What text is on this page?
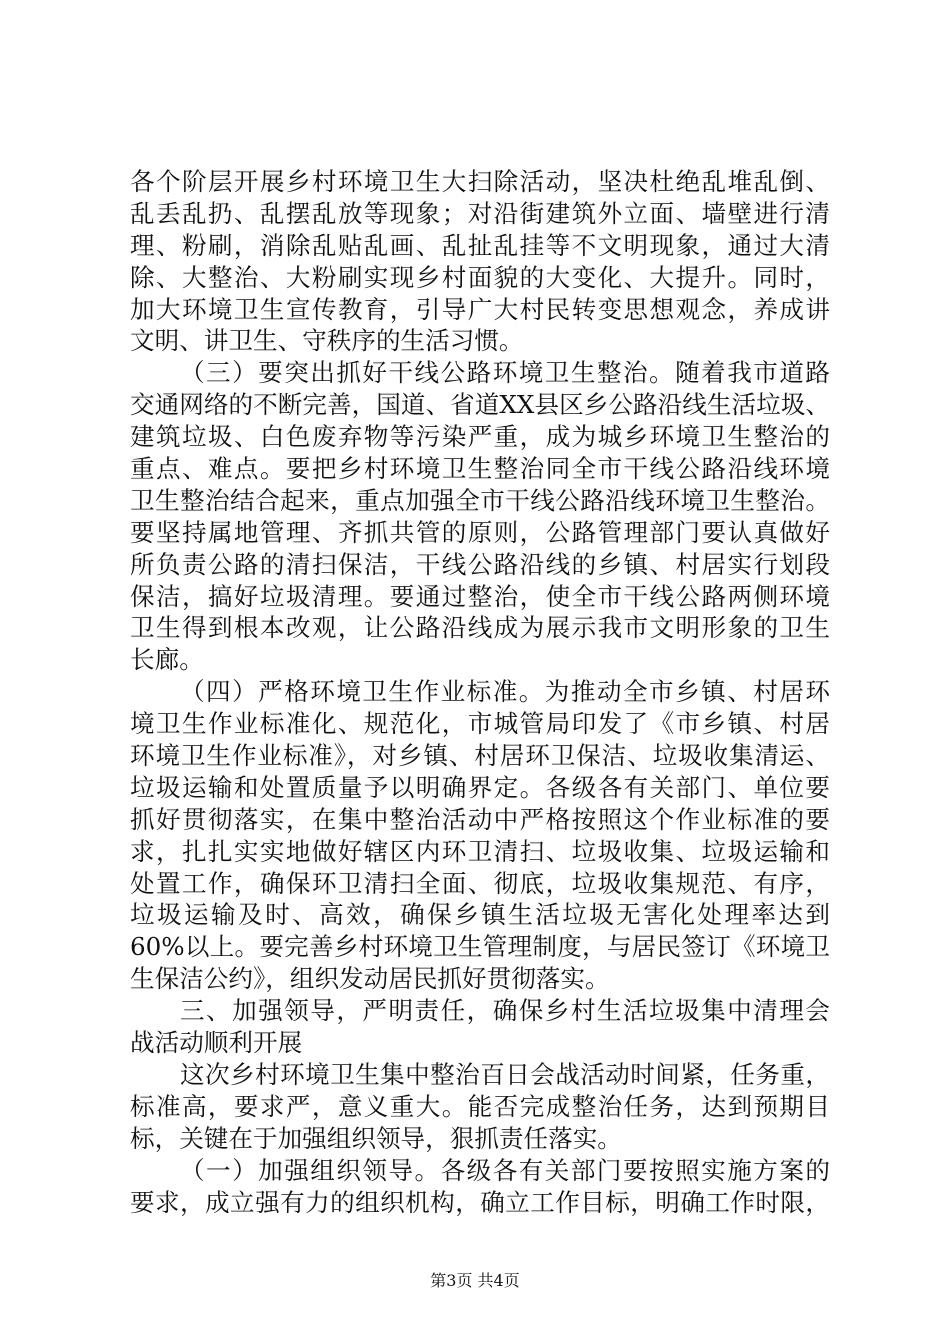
各个阶层开展乡村环境卫生大扫除活动，坚决杜绝乱堆乱倒、
乱丢乱扔、乱摆乱放等现象；对沿街建筑外立面、墙壁进行清
理、粉刷，消除乱贴乱画、乱扯乱挂等不文明现象，通过大清
除、大整治、大粉刷实现乡村面貌的大变化、大提升。同时，
加大环境卫生宣传教育，引导广大村民转变思想观念，养成讲
文明、讲卫生、守秩序的生活习惯。
（三）要突出抓好干线公路环境卫生整治。随着我市道路
交通网络的不断完善，国道、省道XX县区乡公路沿线生活垃圾、
建筑垃圾、白色废弃物等污染严重，成为城乡环境卫生整治的
重点、难点。要把乡村环境卫生整治同全市干线公路沿线环境
卫生整治结合起来，重点加强全市干线公路沿线环境卫生整治。
要坚持属地管理、齐抓共管的原则，公路管理部门要认真做好
所负责公路的清扫保洁，干线公路沿线的乡镇、村居实行划段
保洁，搞好垃圾清理。要通过整治，使全市干线公路两侧环境
卫生得到根本改观，让公路沿线成为展示我市文明形象的卫生
长廊。
（四）严格环境卫生作业标准。为推动全市乡镇、村居环
境卫生作业标准化、规范化，市城管局印发了《市乡镇、村居
环境卫生作业标准》，对乡镇、村居环卫保洁、垃圾收集清运、
垃圾运输和处置质量予以明确界定。各级各有关部门、单位要
抓好贯彻落实，在集中整治活动中严格按照这个作业标准的要
求，扎扎实实地做好辖区内环卫清扫、垃圾收集、垃圾运输和
处置工作，确保环卫清扫全面、彻底，垃圾收集规范、有序，
垃圾运输及时、高效，确保乡镇生活垃圾无害化处理率达到
60%以上。要完善乡村环境卫生管理制度，与居民签订《环境卫
生保洁公约》，组织发动居民抓好贯彻落实。
三、加强领导，严明责任，确保乡村生活垃圾集中清理会
战活动顺利开展
这次乡村环境卫生集中整治百日会战活动时间紧，任务重，
标准高，要求严，意义重大。能否完成整治任务，达到预期目
标，关键在于加强组织领导，狠抓责任落实。
（一）加强组织领导。各级各有关部门要按照实施方案的
要求，成立强有力的组织机构，确立工作目标，明确工作时限，
第3页 共4页
